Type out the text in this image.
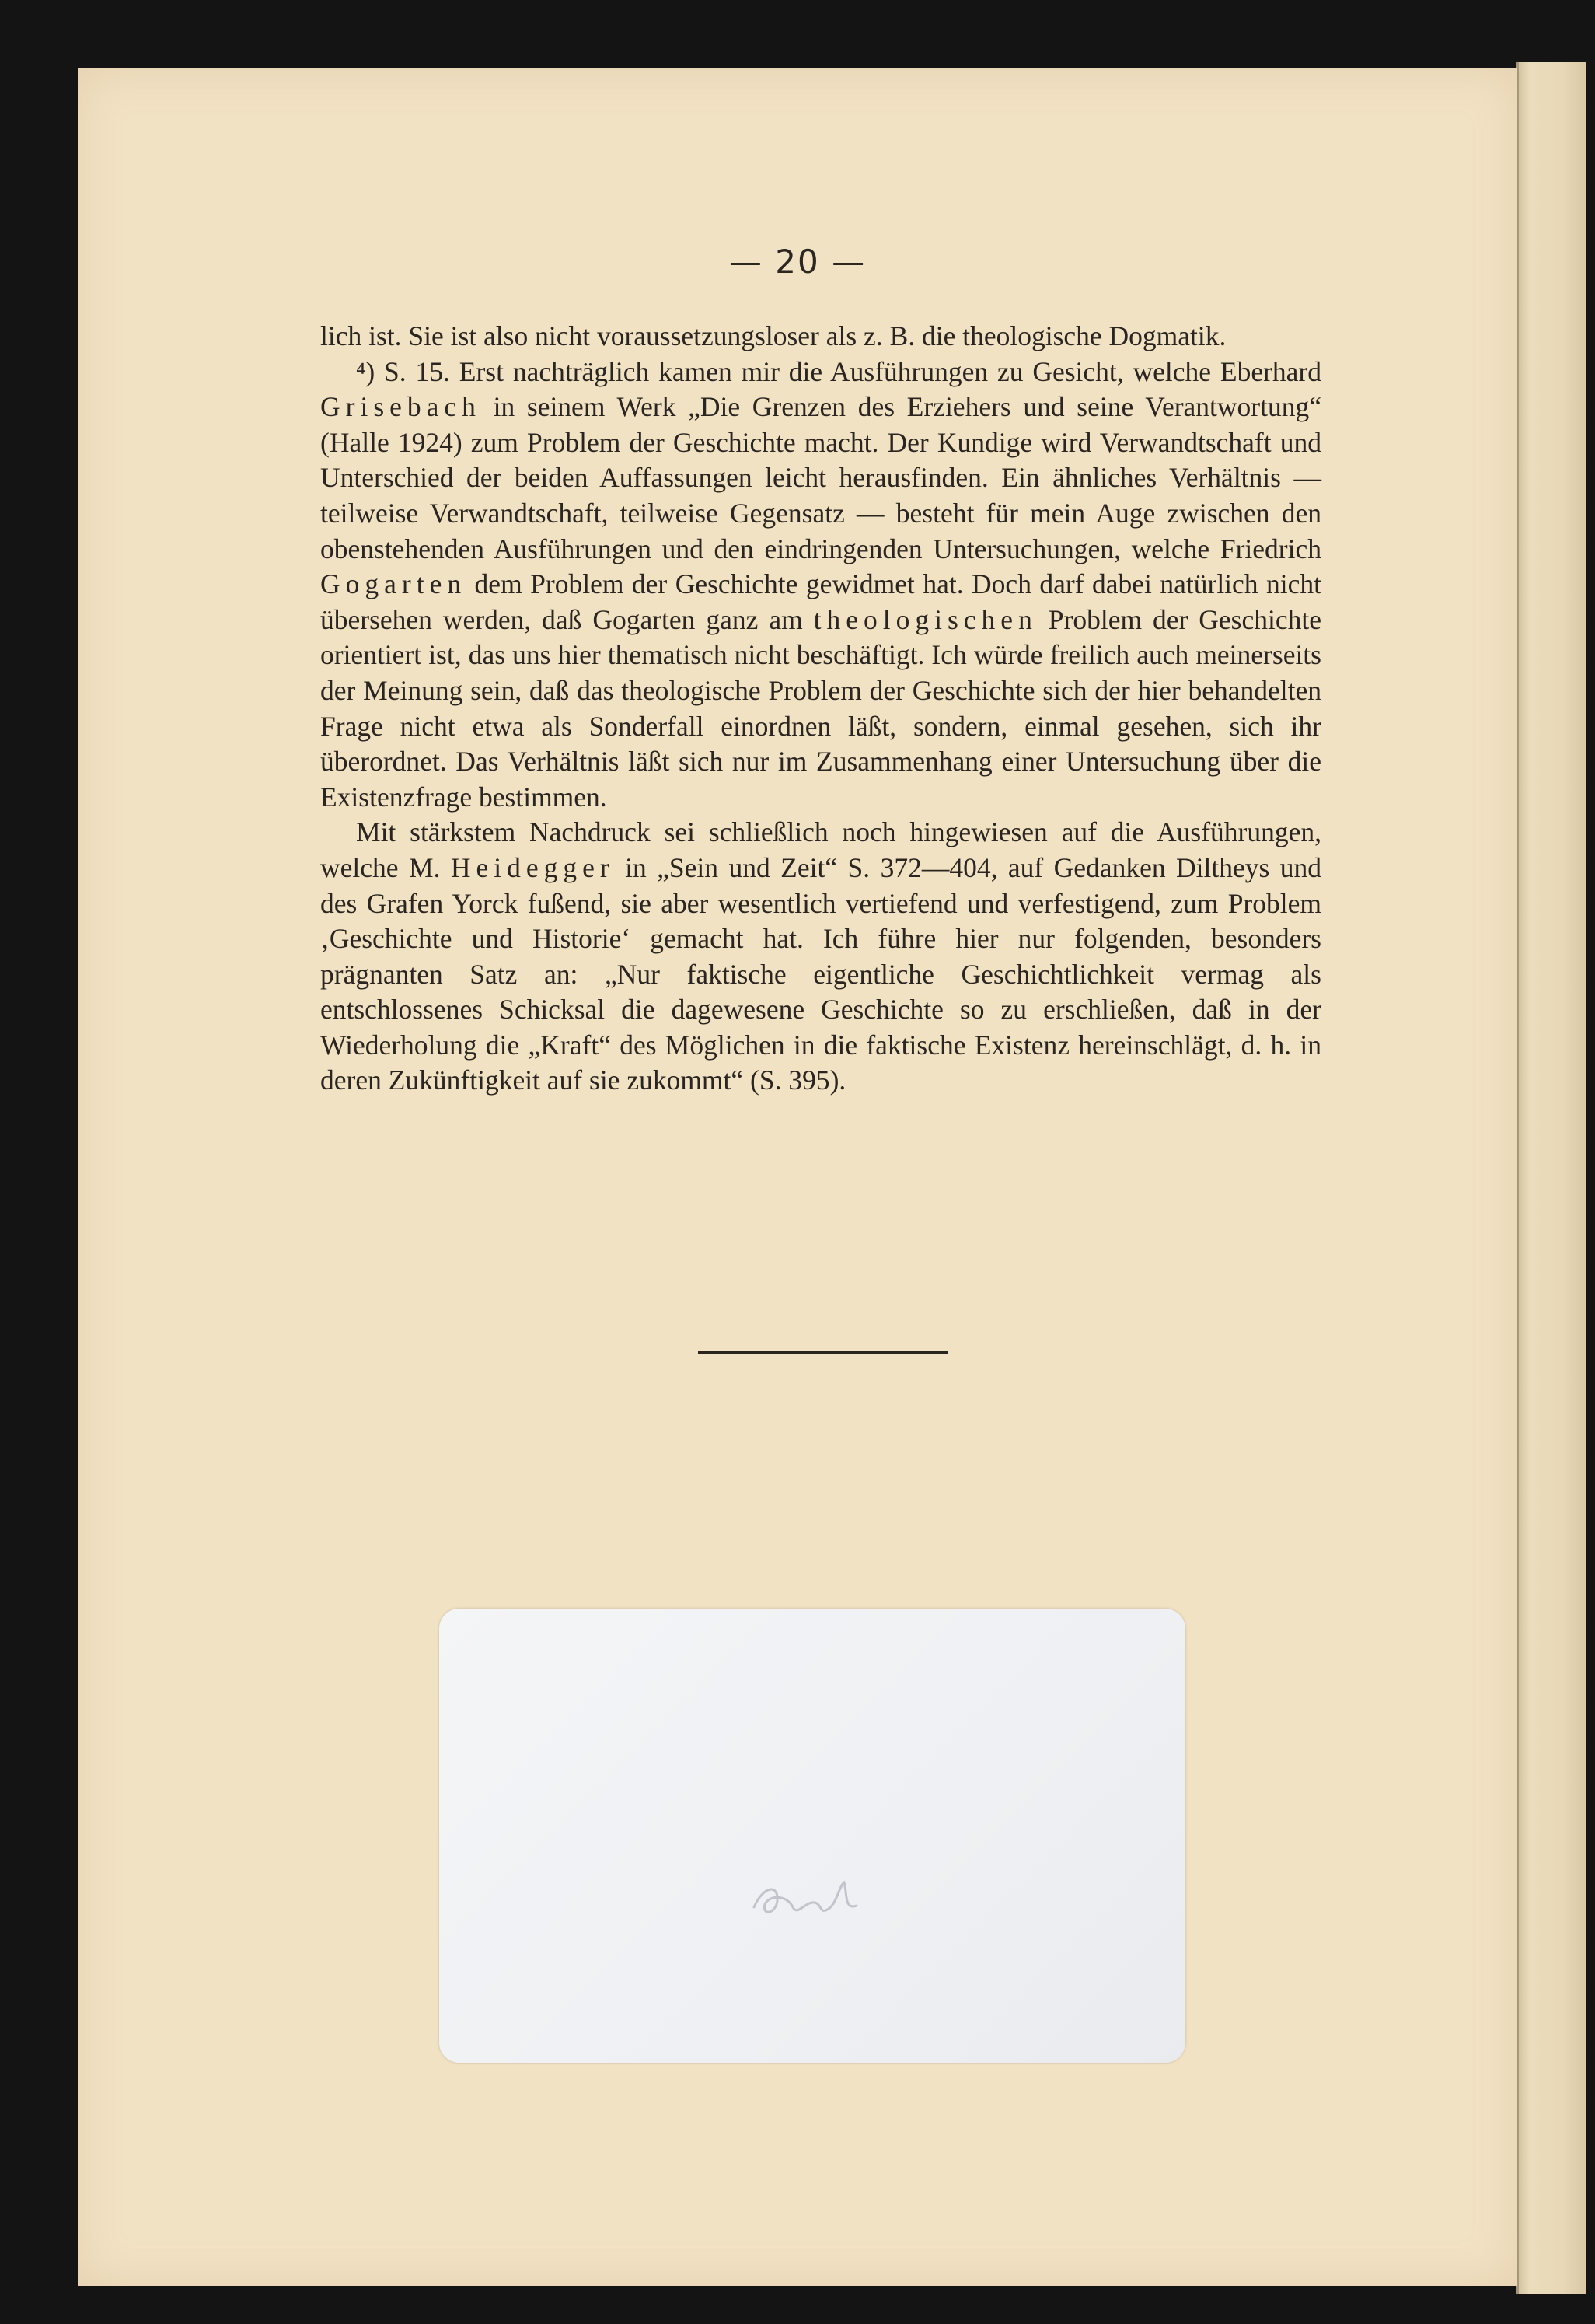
— 20 —

lich ist. Sie ist also nicht voraussetzungsloser als z. B. die theologische Dogmatik.

⁴) S. 15. Erst nachträglich kamen mir die Ausführungen zu Gesicht, welche Eberhard Grisebach in seinem Werk „Die Grenzen des Erziehers und seine Verantwortung“ (Halle 1924) zum Problem der Geschichte macht. Der Kundige wird Verwandtschaft und Unterschied der beiden Auffassungen leicht herausfinden. Ein ähnliches Verhältnis — teilweise Verwandtschaft, teilweise Gegensatz — besteht für mein Auge zwischen den obenstehenden Ausführungen und den eindringenden Untersuchungen, welche Friedrich Gogarten dem Problem der Geschichte gewidmet hat. Doch darf dabei natürlich nicht übersehen werden, daß Gogarten ganz am theologischen Problem der Geschichte orientiert ist, das uns hier thematisch nicht beschäftigt. Ich würde freilich auch meinerseits der Meinung sein, daß das theologische Problem der Geschichte sich der hier behandelten Frage nicht etwa als Sonderfall einordnen läßt, sondern, einmal gesehen, sich ihr überordnet. Das Verhältnis läßt sich nur im Zusammenhang einer Untersuchung über die Existenzfrage bestimmen.

Mit stärkstem Nachdruck sei schließlich noch hingewiesen auf die Ausführungen, welche M. Heidegger in „Sein und Zeit“ S. 372—404, auf Gedanken Diltheys und des Grafen Yorck fußend, sie aber wesentlich vertiefend und verfestigend, zum Problem ‚Geschichte und Historie‘ gemacht hat. Ich führe hier nur folgenden, besonders prägnanten Satz an: „Nur faktische eigentliche Geschichtlichkeit vermag als entschlossenes Schicksal die dagewesene Geschichte so zu erschließen, daß in der Wiederholung die „Kraft“ des Möglichen in die faktische Existenz hereinschlägt, d. h. in deren Zukünftigkeit auf sie zukommt“ (S. 395).
